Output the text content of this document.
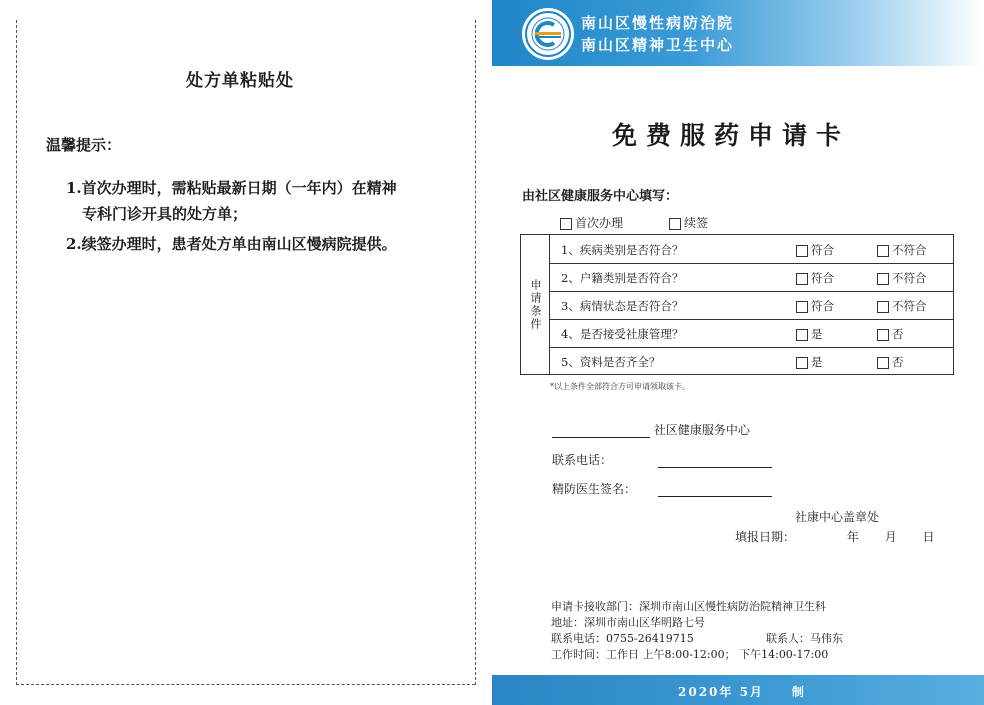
处方单粘贴处
温馨提示：
1.首次办理时，需粘贴最新日期（一年内）在精神
专科门诊开具的处方单；
2.续签办理时，患者处方单由南山区慢病院提供。
南山区慢性病防治院
南山区精神卫生中心
免费服药申请卡
由社区健康服务中心填写：
首次办理	续签
申请条件
1、疾病类别是否符合？	符合	不符合
2、户籍类别是否符合？	符合	不符合
3、病情状态是否符合？	符合	不符合
4、是否接受社康管理？	是	否
5、资料是否齐全？	是	否
*以上条件全部符合方可申请领取该卡。
社区健康服务中心
联系电话：
精防医生签名：
社康中心盖章处
填报日期：	年 月 日
申请卡接收部门：深圳市南山区慢性病防治院精神卫生科
地址：深圳市南山区华明路七号
联系电话：0755-26419715	联系人：马伟东
工作时间：工作日 上午8:00-12:00； 下午14:00-17:00
2020年 5月　　制
